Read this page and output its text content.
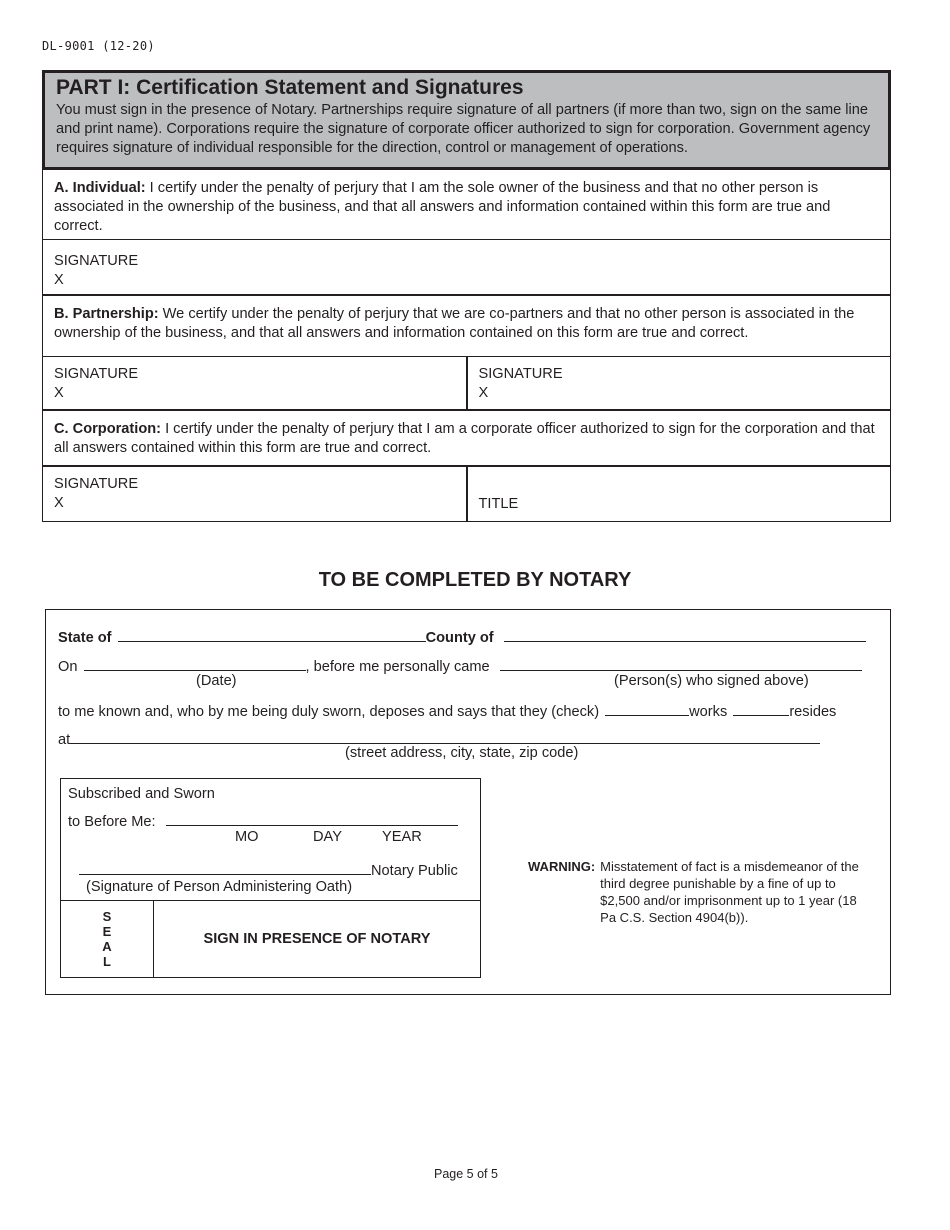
DL-9001 (12-20)
PART I: Certification Statement and Signatures
You must sign in the presence of Notary. Partnerships require signature of all partners (if more than two, sign on the same line and print name). Corporations require the signature of corporate officer authorized to sign for corporation. Government agency requires signature of individual responsible for the direction, control or management of operations.
A. Individual: I certify under the penalty of perjury that I am the sole owner of the business and that no other person is associated in the ownership of the business, and that all answers and information contained within this form are true and correct.
SIGNATURE
X
B. Partnership: We certify under the penalty of perjury that we are co-partners and that no other person is associated in the ownership of the business, and that all answers and information contained on this form are true and correct.
SIGNATURE
X
SIGNATURE
X
C. Corporation: I certify under the penalty of perjury that I am a corporate officer authorized to sign for the corporation and that all answers contained within this form are true and correct.
SIGNATURE
X	TITLE
TO BE COMPLETED BY NOTARY
State of	County of
On	, before me personally came
(Date)	(Person(s) who signed above)
to me known and, who by me being duly sworn, deposes and says that they (check)	works	resides
at
(street address, city, state, zip code)
Subscribed and Sworn
to Before Me:
MO	DAY	YEAR
Notary Public
(Signature of Person Administering Oath)
S
E
A
L
SIGN IN PRESENCE OF NOTARY
WARNING: Misstatement of fact is a misdemeanor of the third degree punishable by a fine of up to $2,500 and/or imprisonment up to 1 year (18 Pa C.S. Section 4904(b)).
Page 5 of 5
